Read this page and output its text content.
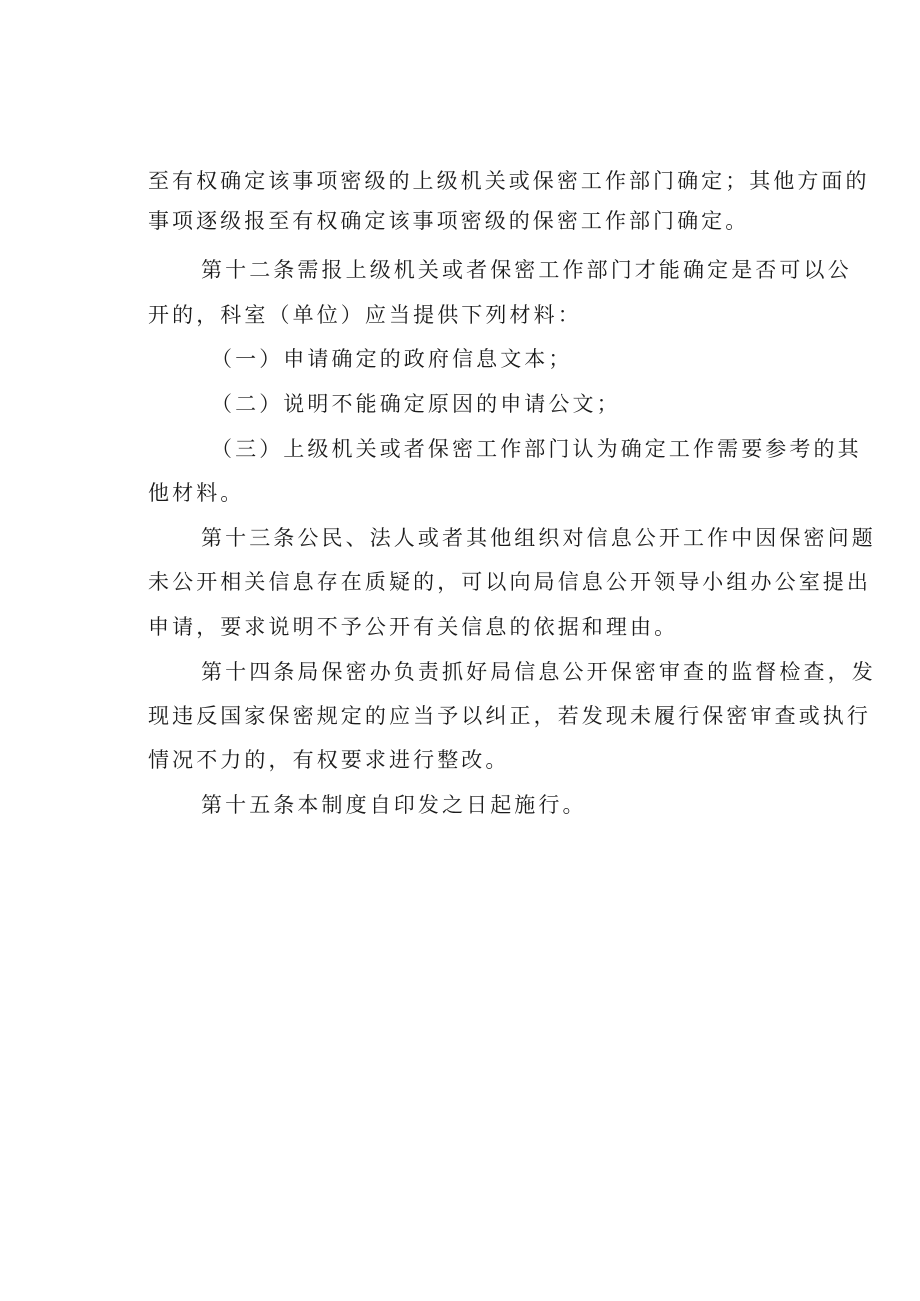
至有权确定该事项密级的上级机关或保密工作部门确定；其他方面的
事项逐级报至有权确定该事项密级的保密工作部门确定。
第十二条需报上级机关或者保密工作部门才能确定是否可以公
开的，科室（单位）应当提供下列材料：
（一）申请确定的政府信息文本；
（二）说明不能确定原因的申请公文；
（三）上级机关或者保密工作部门认为确定工作需要参考的其
他材料。
第十三条公民、法人或者其他组织对信息公开工作中因保密问题
未公开相关信息存在质疑的，可以向局信息公开领导小组办公室提出
申请，要求说明不予公开有关信息的依据和理由。
第十四条局保密办负责抓好局信息公开保密审查的监督检查，发
现违反国家保密规定的应当予以纠正，若发现未履行保密审查或执行
情况不力的，有权要求进行整改。
第十五条本制度自印发之日起施行。
